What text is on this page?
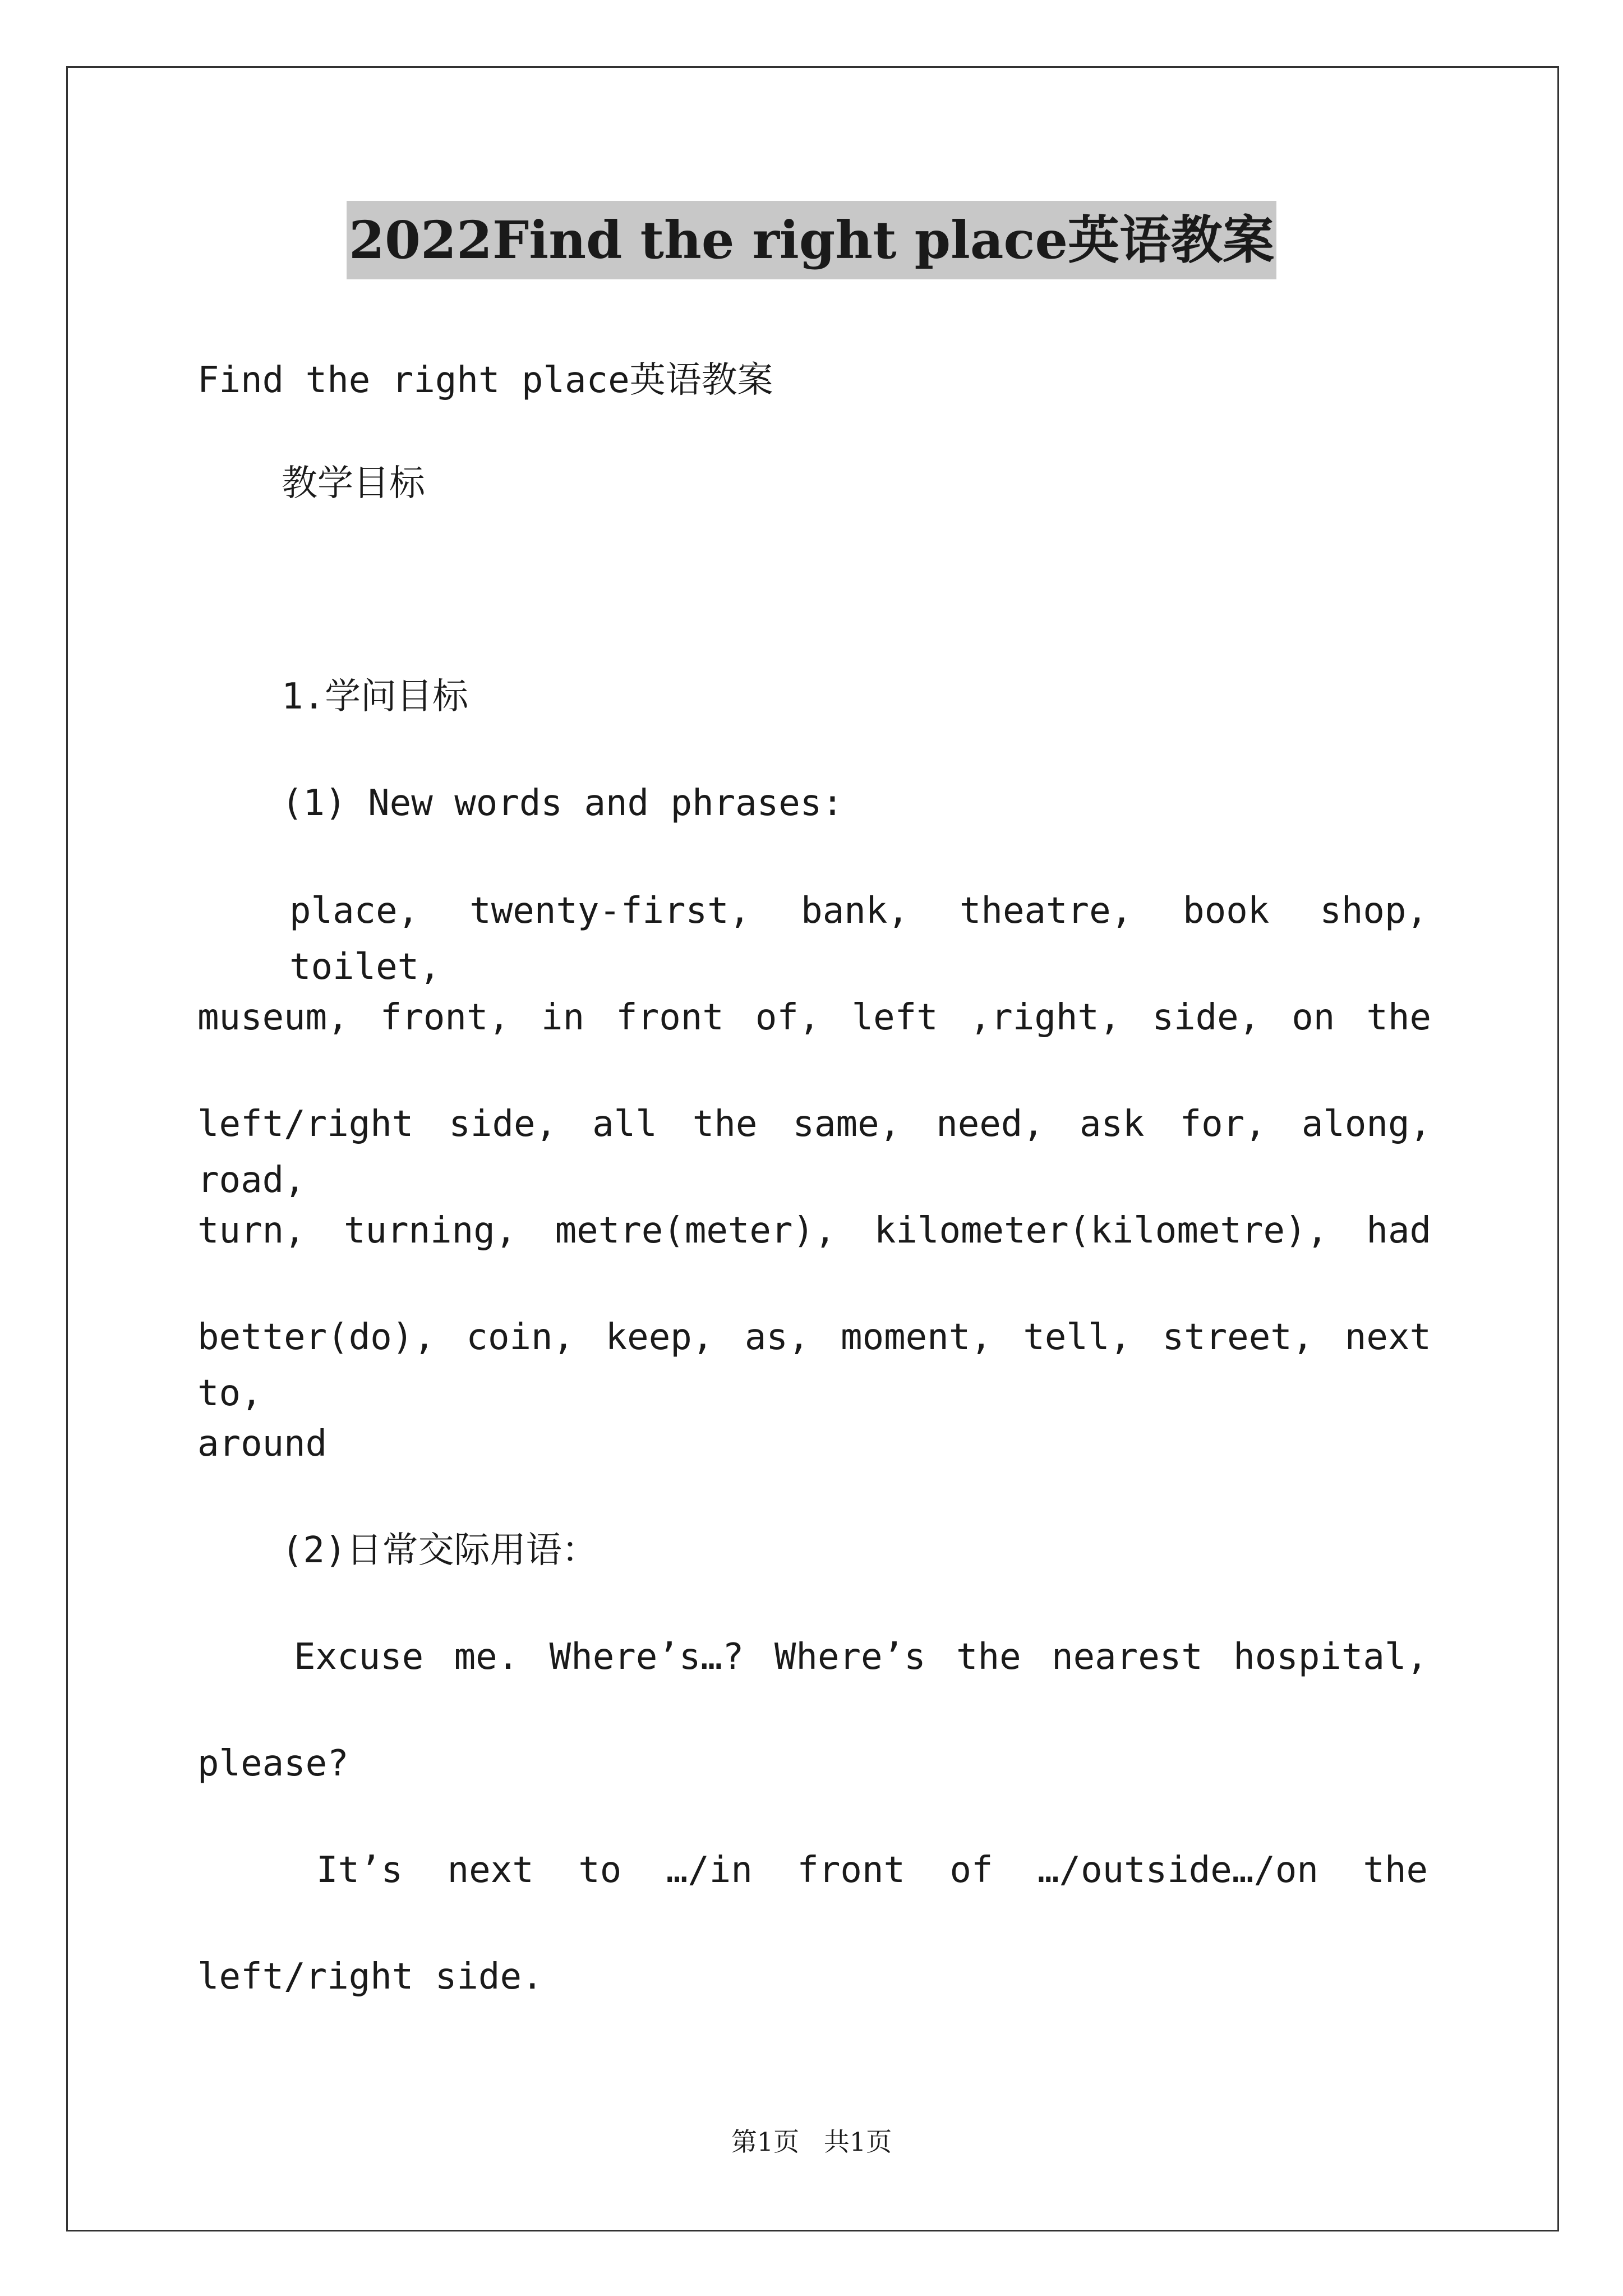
2022Find the right place英语教案
Find the right place英语教案
教学目标
1.学问目标
(1) New words and phrases:
place, twenty-first, bank, theatre, book shop, toilet,
museum, front, in front of, left ,right, side, on the
left/right side, all the same, need, ask for, along, road,
turn, turning, metre(meter), kilometer(kilometre), had
better(do), coin, keep, as, moment, tell, street, next to,
around
(2)日常交际用语：
Excuse me. Where’s…? Where’s the nearest hospital,
please?
It’s next to …/in front of …/outside…/on the
left/right side.
第1页   共1页
